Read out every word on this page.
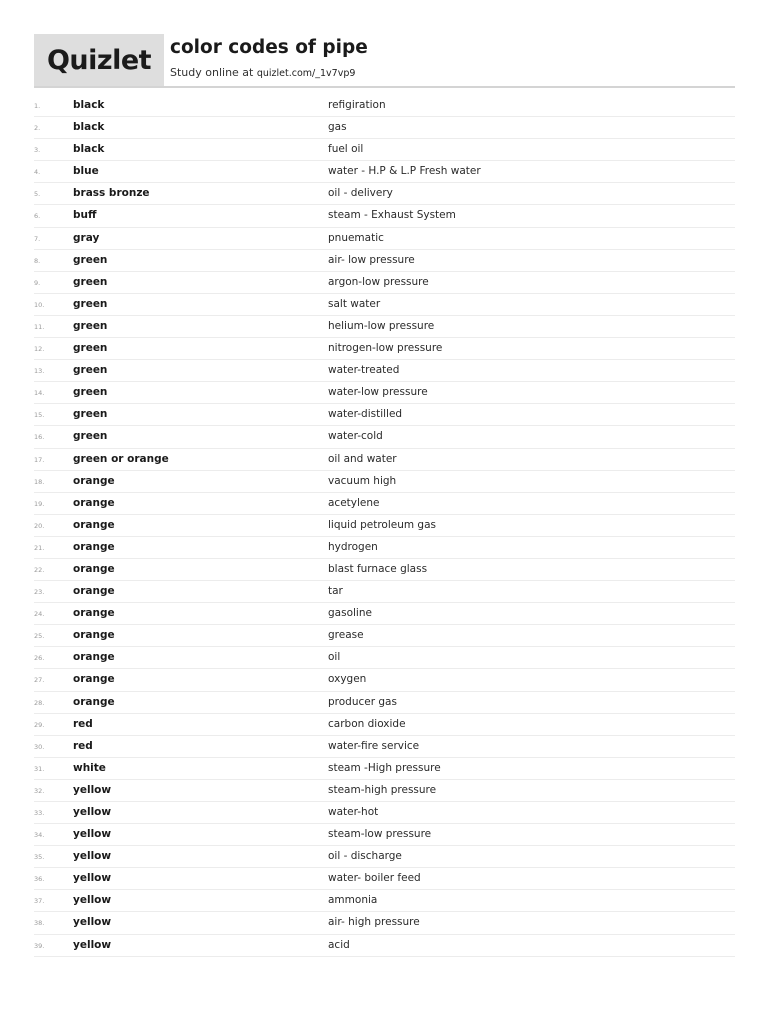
Quizlet color codes of pipe
Study online at quizlet.com/_1v7vp9
1.	black	refigiration
2.	black	gas
3.	black	fuel oil
4.	blue	water - H.P & L.P Fresh water
5.	brass bronze	oil - delivery
6.	buff	steam - Exhaust System
7.	gray	pnuematic
8.	green	air- low pressure
9.	green	argon-low pressure
10.	green	salt water
11.	green	helium-low pressure
12.	green	nitrogen-low pressure
13.	green	water-treated
14.	green	water-low pressure
15.	green	water-distilled
16.	green	water-cold
17.	green or orange	oil and water
18.	orange	vacuum high
19.	orange	acetylene
20.	orange	liquid petroleum gas
21.	orange	hydrogen
22.	orange	blast furnace glass
23.	orange	tar
24.	orange	gasoline
25.	orange	grease
26.	orange	oil
27.	orange	oxygen
28.	orange	producer gas
29.	red	carbon dioxide
30.	red	water-fire service
31.	white	steam -High pressure
32.	yellow	steam-high pressure
33.	yellow	water-hot
34.	yellow	steam-low pressure
35.	yellow	oil - discharge
36.	yellow	water- boiler feed
37.	yellow	ammonia
38.	yellow	air- high pressure
39.	yellow	acid
